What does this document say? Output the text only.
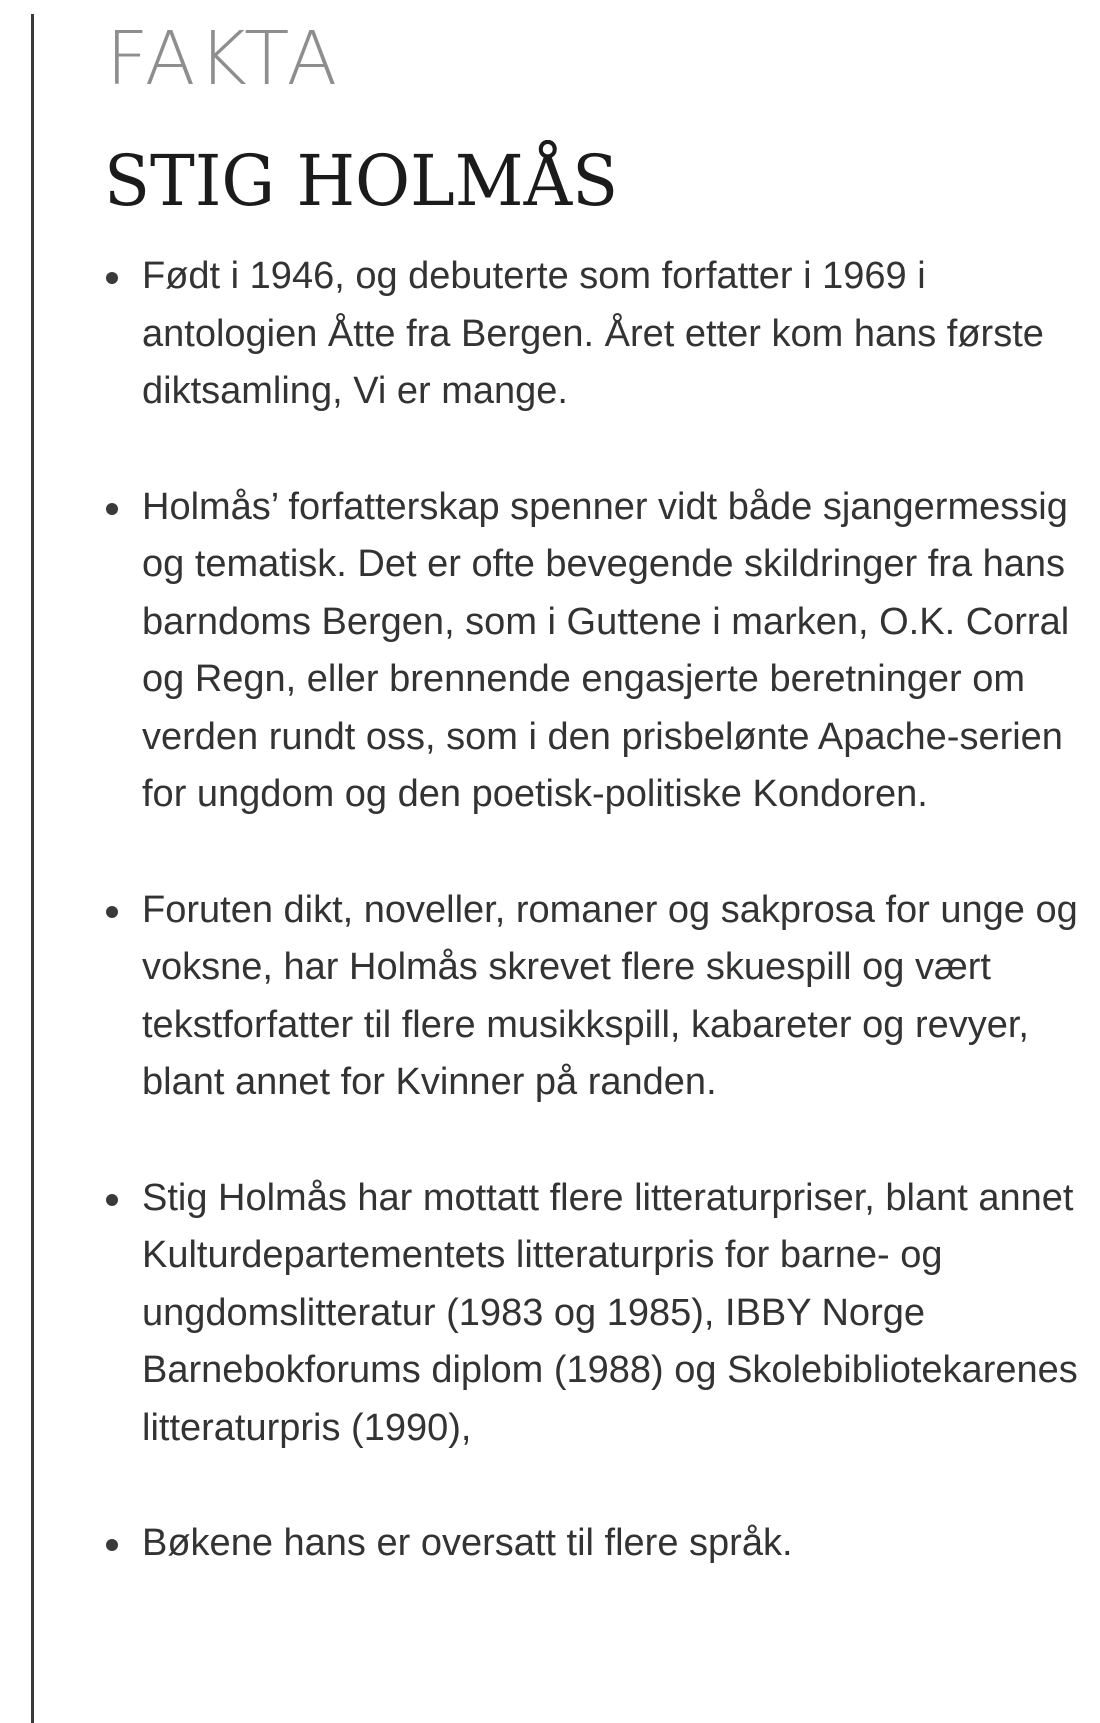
FAKTA
STIG HOLMÅS
Født i 1946, og debuterte som forfatter i 1969 i antologien Åtte fra Bergen. Året etter kom hans første diktsamling, Vi er mange.
Holmås’ forfatterskap spenner vidt både sjangermessig og tematisk. Det er ofte bevegende skildringer fra hans barndoms Bergen, som i Guttene i marken, O.K. Corral og Regn, eller brennende engasjerte beretninger om verden rundt oss, som i den prisbelønte Apache-serien for ungdom og den poetisk-politiske Kondoren.
Foruten dikt, noveller, romaner og sakprosa for unge og voksne, har Holmås skrevet flere skuespill og vært tekstforfatter til flere musikkspill, kabareter og revyer, blant annet for Kvinner på randen.
Stig Holmås har mottatt flere litteraturpriser, blant annet Kulturdepartementets litteraturpris for barne- og ungdomslitteratur (1983 og 1985), IBBY Norge Barnebokforums diplom (1988) og Skolebibliotekarenes litteraturpris (1990),
Bøkene hans er oversatt til flere språk.
